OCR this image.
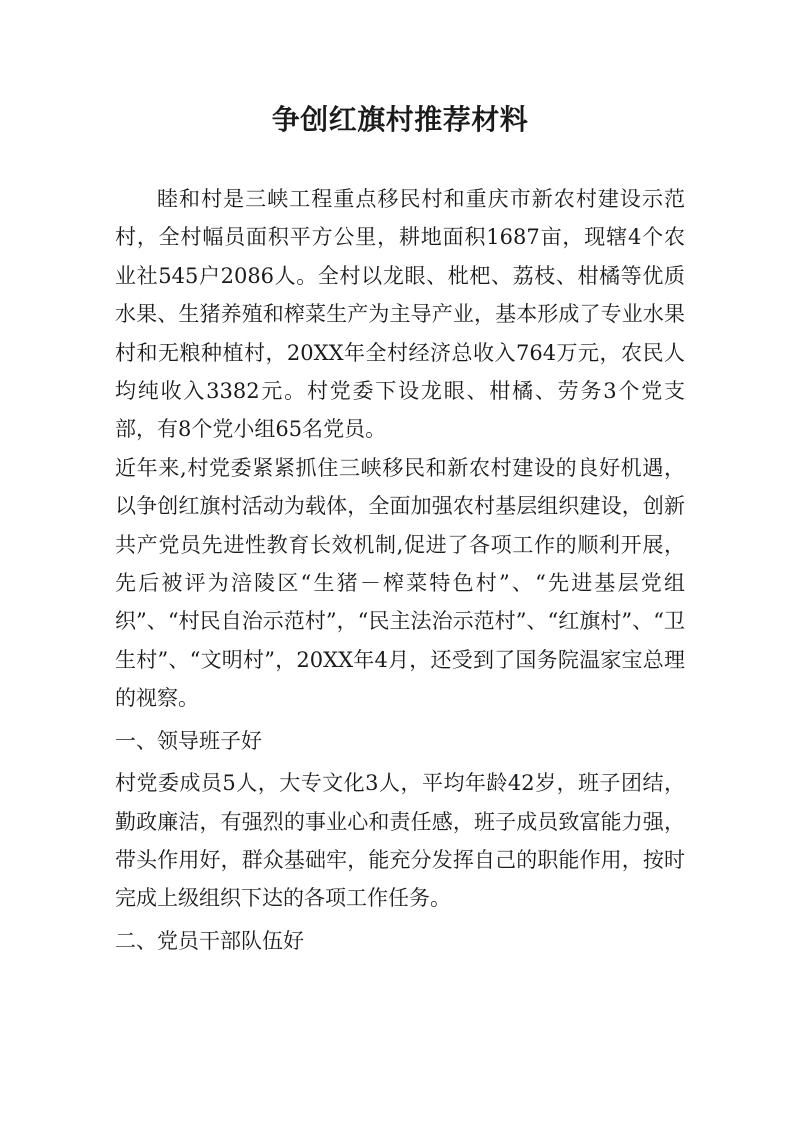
争创红旗村推荐材料

睦和村是三峡工程重点移民村和重庆市新农村建设示范村，全村幅员面积平方公里，耕地面积1687亩，现辖4个农业社545户2086人。全村以龙眼、枇杷、荔枝、柑橘等优质水果、生猪养殖和榨菜生产为主导产业，基本形成了专业水果村和无粮种植村，20XX年全村经济总收入764万元，农民人均纯收入3382元。村党委下设龙眼、柑橘、劳务3个党支部，有8个党小组65名党员。

近年来,村党委紧紧抓住三峡移民和新农村建设的良好机遇，以争创红旗村活动为载体，全面加强农村基层组织建设，创新共产党员先进性教育长效机制,促进了各项工作的顺利开展，先后被评为涪陵区“生猪－榨菜特色村”、“先进基层党组织”、“村民自治示范村”，“民主法治示范村”、“红旗村”、“卫生村”、“文明村”，20XX年4月，还受到了国务院温家宝总理的视察。

一、领导班子好

村党委成员5人，大专文化3人，平均年龄42岁，班子团结，勤政廉洁，有强烈的事业心和责任感，班子成员致富能力强，带头作用好，群众基础牢，能充分发挥自己的职能作用，按时完成上级组织下达的各项工作任务。

二、党员干部队伍好
